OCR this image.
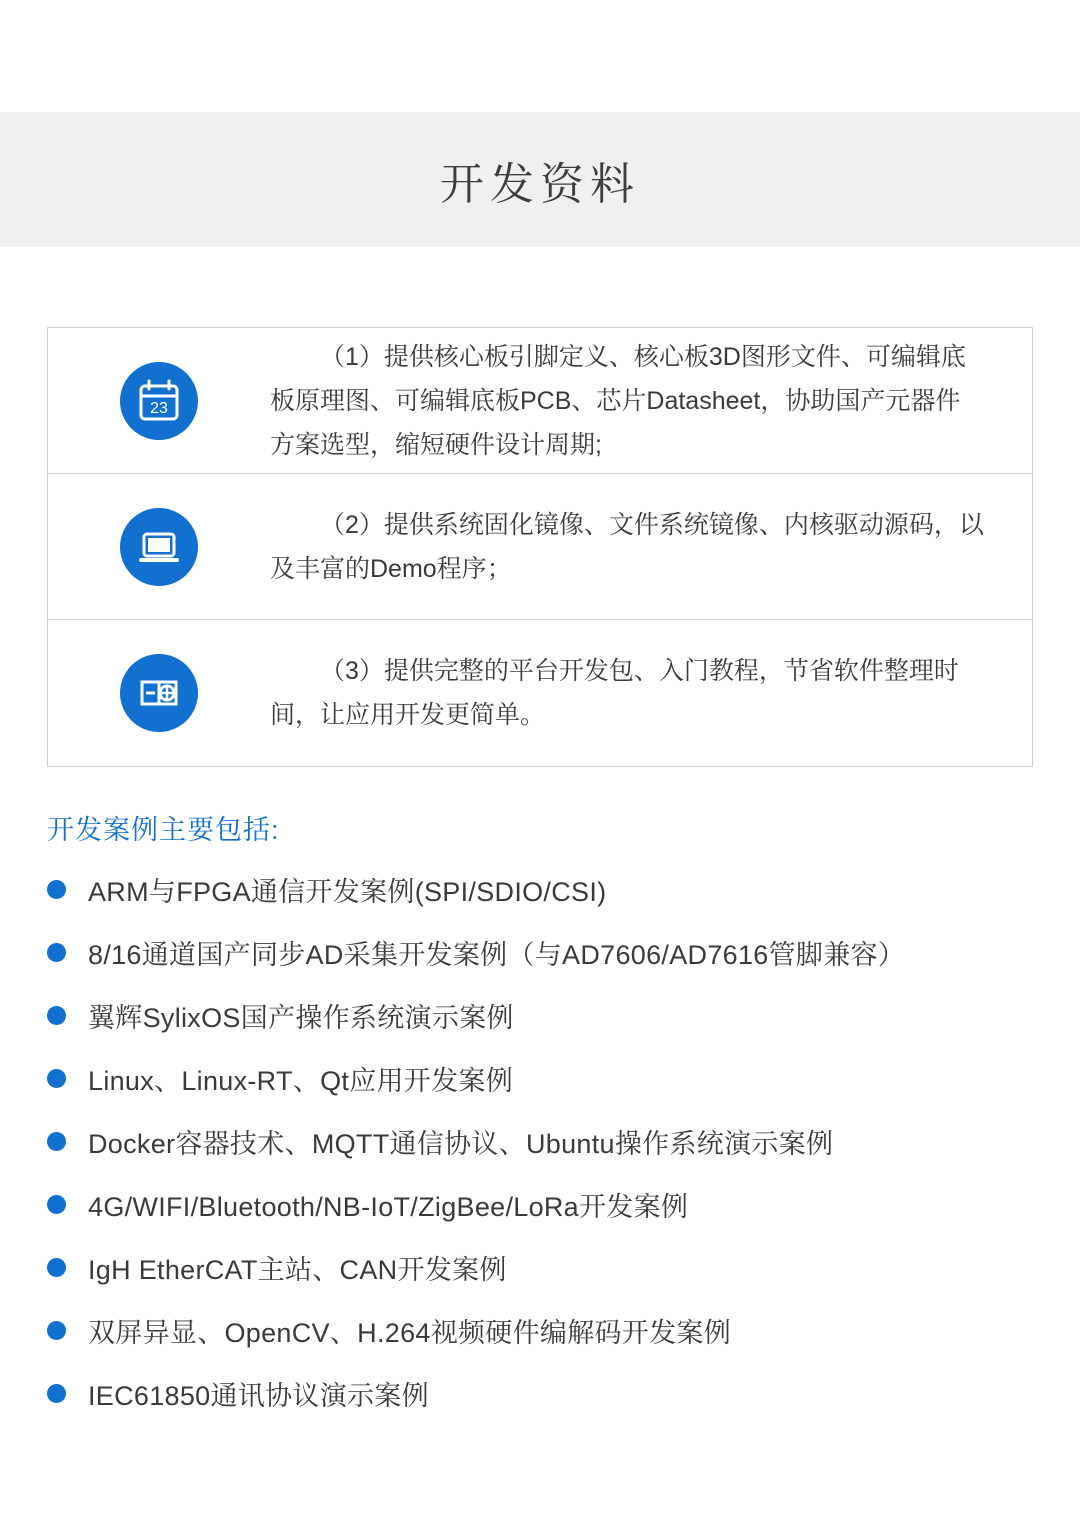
开发资料
23
（1）提供核心板引脚定义、核心板3D图形文件、可编辑底板原理图、可编辑底板PCB、芯片Datasheet，协助国产元器件方案选型，缩短硬件设计周期;
（2）提供系统固化镜像、文件系统镜像、内核驱动源码，以及丰富的Demo程序；
（3）提供完整的平台开发包、入门教程，节省软件整理时间，让应用开发更简单。
开发案例主要包括:
ARM与FPGA通信开发案例(SPI/SDIO/CSI)
8/16通道国产同步AD采集开发案例（与AD7606/AD7616管脚兼容）
翼辉SylixOS国产操作系统演示案例
Linux、Linux-RT、Qt应用开发案例
Docker容器技术、MQTT通信协议、Ubuntu操作系统演示案例
4G/WIFI/Bluetooth/NB-IoT/ZigBee/LoRa开发案例
IgH EtherCAT主站、CAN开发案例
双屏异显、OpenCV、H.264视频硬件编解码开发案例
IEC61850通讯协议演示案例
